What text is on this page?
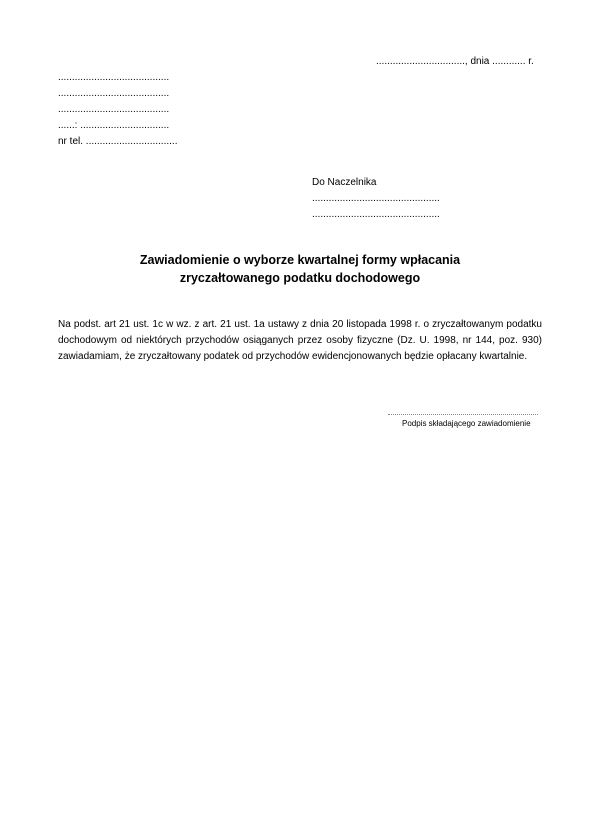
................................, dnia ............ r.
........................................
........................................
........................................
......: ................................
nr tel. .................................
Do Naczelnika
..............................................
..............................................
Zawiadomienie o wyborze kwartalnej formy wpłacania
zryczałtowanego podatku dochodowego
Na podst. art 21 ust. 1c w wz. z art. 21 ust. 1a ustawy z dnia 20 listopada 1998 r. o zryczałtowanym podatku dochodowym od niektórych przychodów osiąganych przez osoby fizyczne (Dz. U. 1998, nr 144, poz. 930) zawiadamiam, że zryczałtowany podatek od przychodów ewidencjonowanych będzie opłacany kwartalnie.
Podpis składającego zawiadomienie
